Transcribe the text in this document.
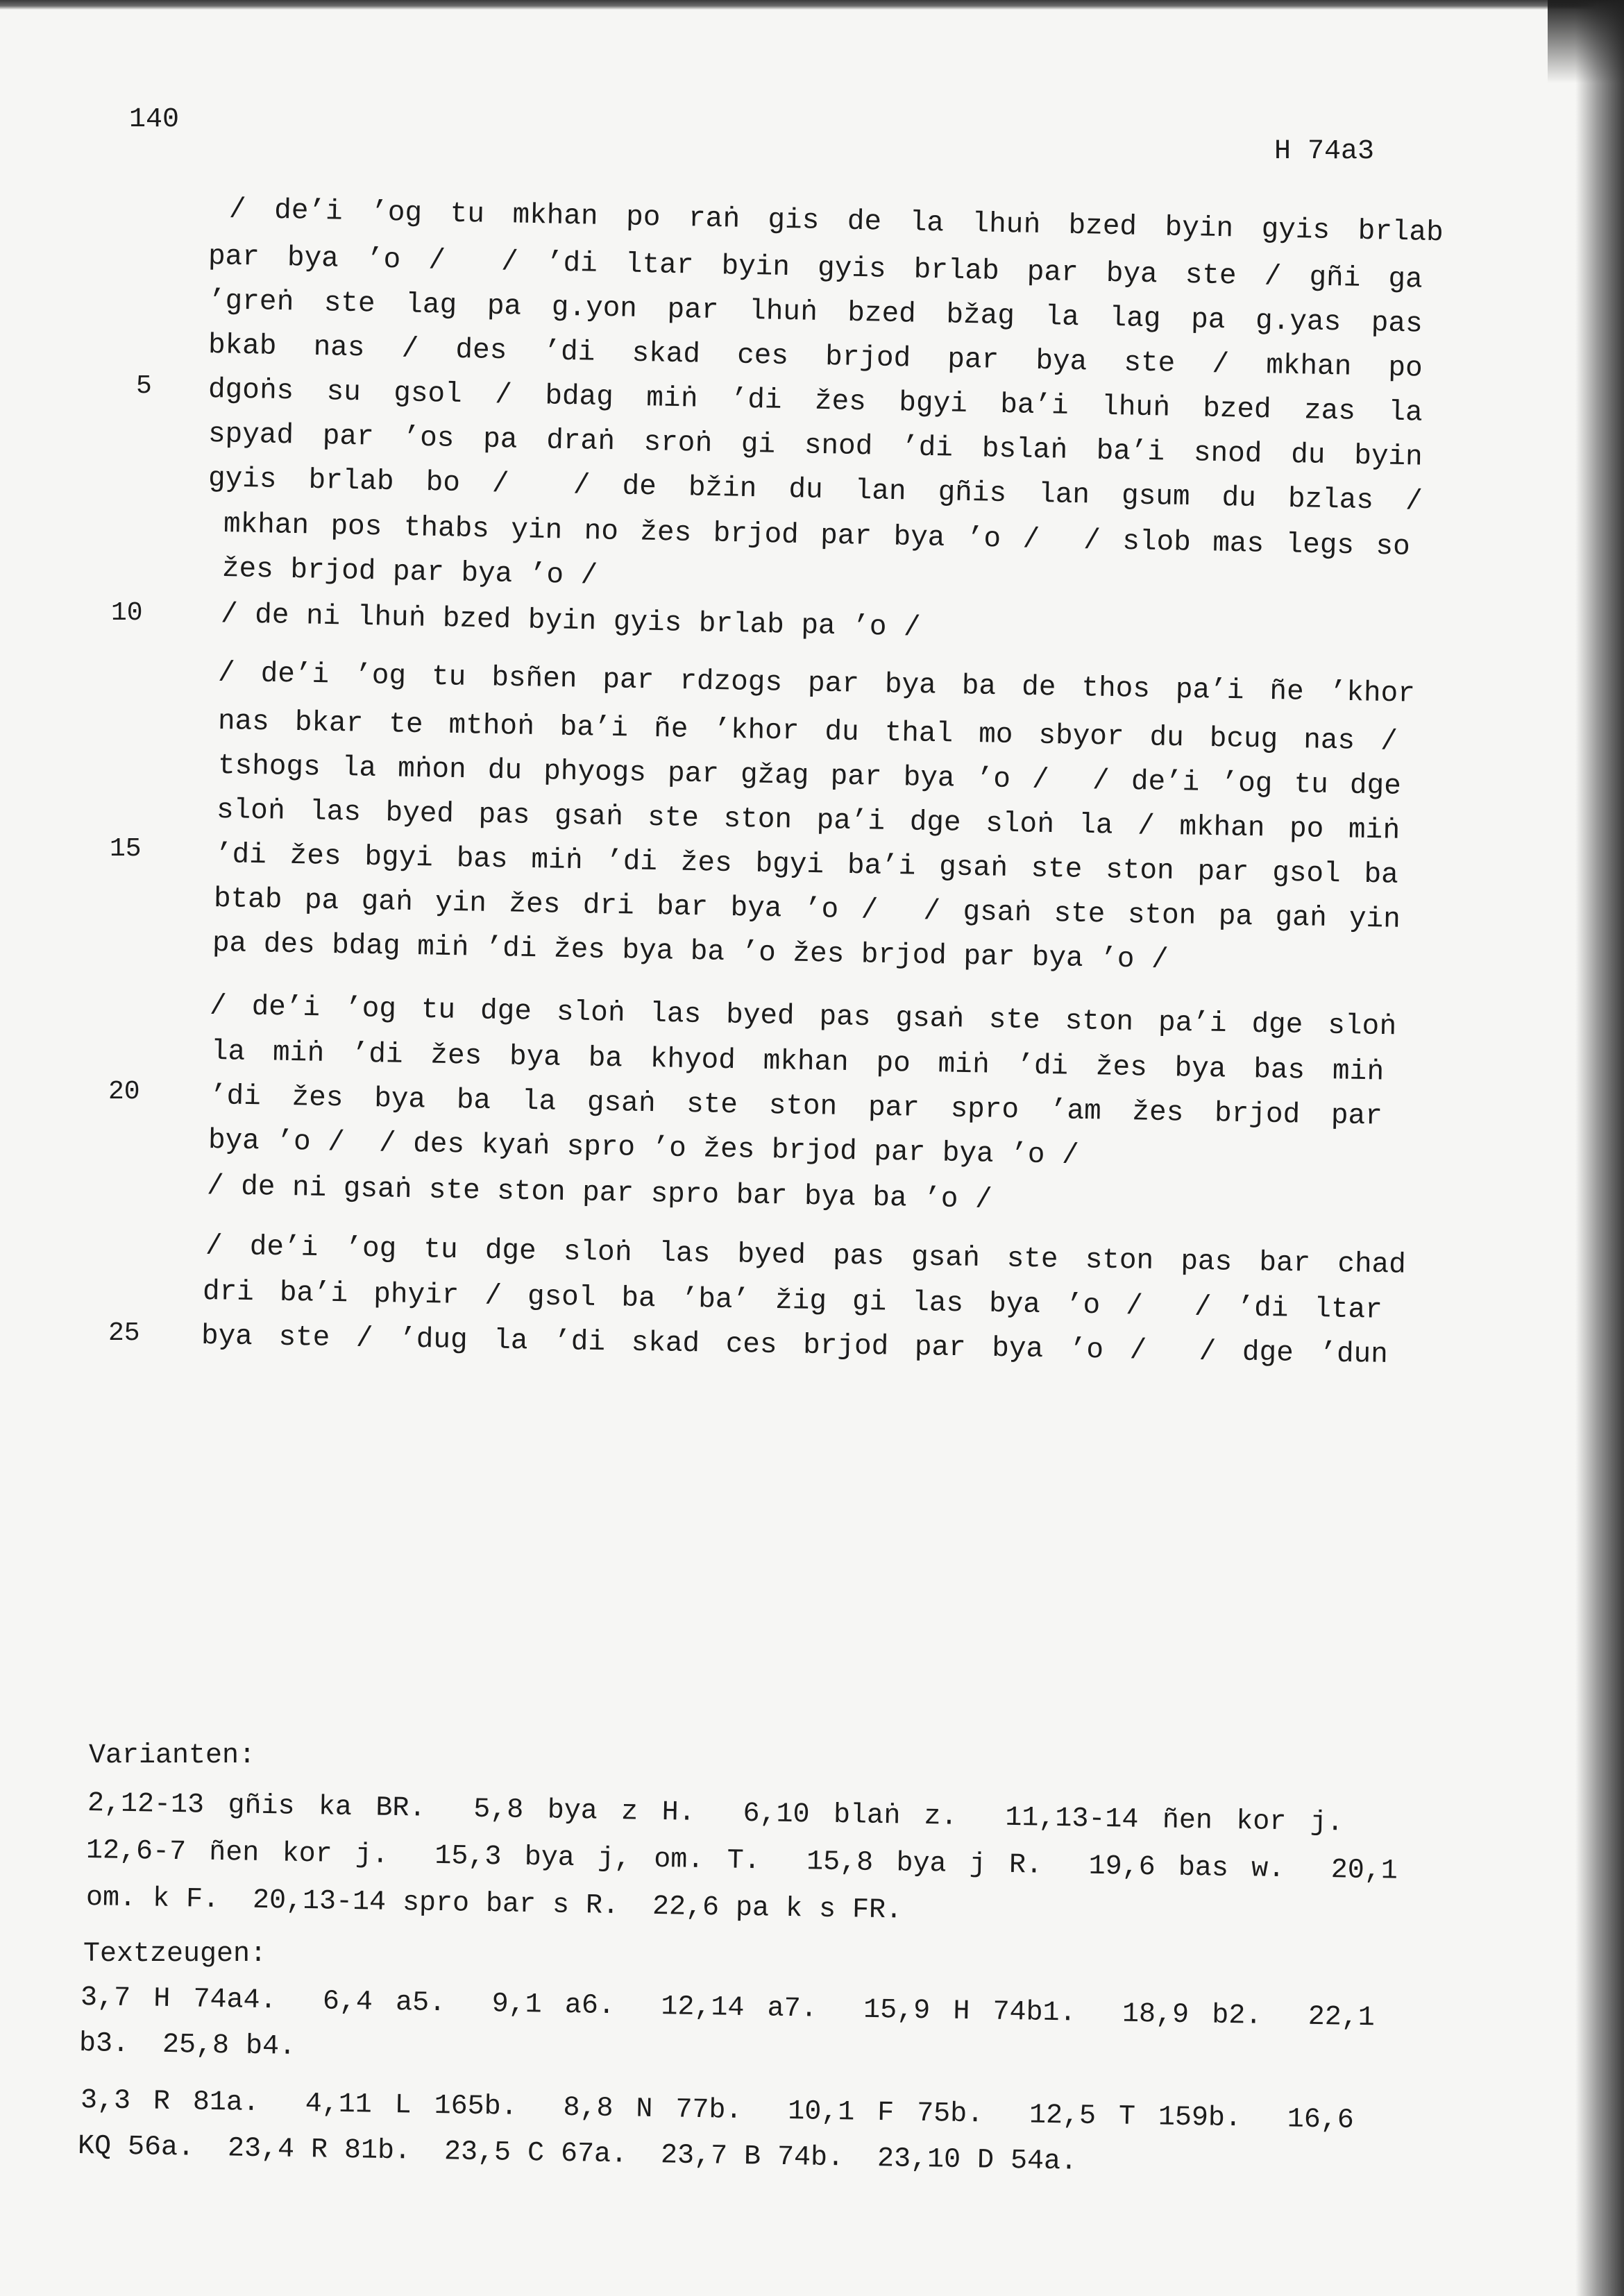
140
H 74a3
5
10
15
20
25
/ de’i ’og tu mkhan po raṅ gis de la lhuṅ bzed byin gyis brlab
par bya ’o /  / ’di ltar byin gyis brlab par bya ste / gñi ga
’greṅ ste lag pa g.yon par lhuṅ bzed bžag la lag pa g.yas pas
bkab nas / des ’di skad ces brjod par bya ste / mkhan po
dgoṅs su gsol / bdag miṅ ’di žes bgyi ba’i lhuṅ bzed zas la
spyad par ’os pa draṅ sroṅ gi snod ’di bslaṅ ba’i snod du byin
gyis brlab bo /  / de bžin du lan gñis lan gsum du bzlas /
mkhan pos thabs yin no žes brjod par bya ’o /  / slob mas legs so
žes brjod par bya ’o /
/ de ni lhuṅ bzed byin gyis brlab pa ’o /
/ de’i ’og tu bsñen par rdzogs par bya ba de thos pa’i ñe ’khor
nas bkar te mthoṅ ba’i ñe ’khor du thal mo sbyor du bcug nas /
tshogs la mṅon du phyogs par gžag par bya ’o /  / de’i ’og tu dge
sloṅ las byed pas gsaṅ ste ston pa’i dge sloṅ la / mkhan po miṅ
’di žes bgyi bas miṅ ’di žes bgyi ba’i gsaṅ ste ston par gsol ba
btab pa gaṅ yin žes dri bar bya ’o /  / gsaṅ ste ston pa gaṅ yin
pa des bdag miṅ ’di žes bya ba ’o žes brjod par bya ’o /
/ de’i ’og tu dge sloṅ las byed pas gsaṅ ste ston pa’i dge sloṅ
la miṅ ’di žes bya ba khyod mkhan po miṅ ’di žes bya bas miṅ
’di žes bya ba la gsaṅ ste ston par spro ’am žes brjod par
bya ’o /  / des kyaṅ spro ’o žes brjod par bya ’o /
/ de ni gsaṅ ste ston par spro bar bya ba ’o /
/ de’i ’og tu dge sloṅ las byed pas gsaṅ ste ston pas bar chad
dri ba’i phyir / gsol ba ’ba’ žig gi las bya ’o /  / ’di ltar
bya ste / ’dug la ’di skad ces brjod par bya ’o /  / dge ’dun
Varianten:
2,12-13 gñis ka BR.  5,8 bya z H.  6,10 blaṅ z.  11,13-14 ñen kor j.
12,6-7 ñen kor j.  15,3 bya j, om. T.  15,8 bya j R.  19,6 bas w.  20,1
om. k F.  20,13-14 spro bar s R.  22,6 pa k s FR.
Textzeugen:
3,7 H 74a4.  6,4 a5.  9,1 a6.  12,14 a7.  15,9 H 74b1.  18,9 b2.  22,1
b3.  25,8 b4.
3,3 R 81a.  4,11 L 165b.  8,8 N 77b.  10,1 F 75b.  12,5 T 159b.  16,6
KQ 56a.  23,4 R 81b.  23,5 C 67a.  23,7 B 74b.  23,10 D 54a.
